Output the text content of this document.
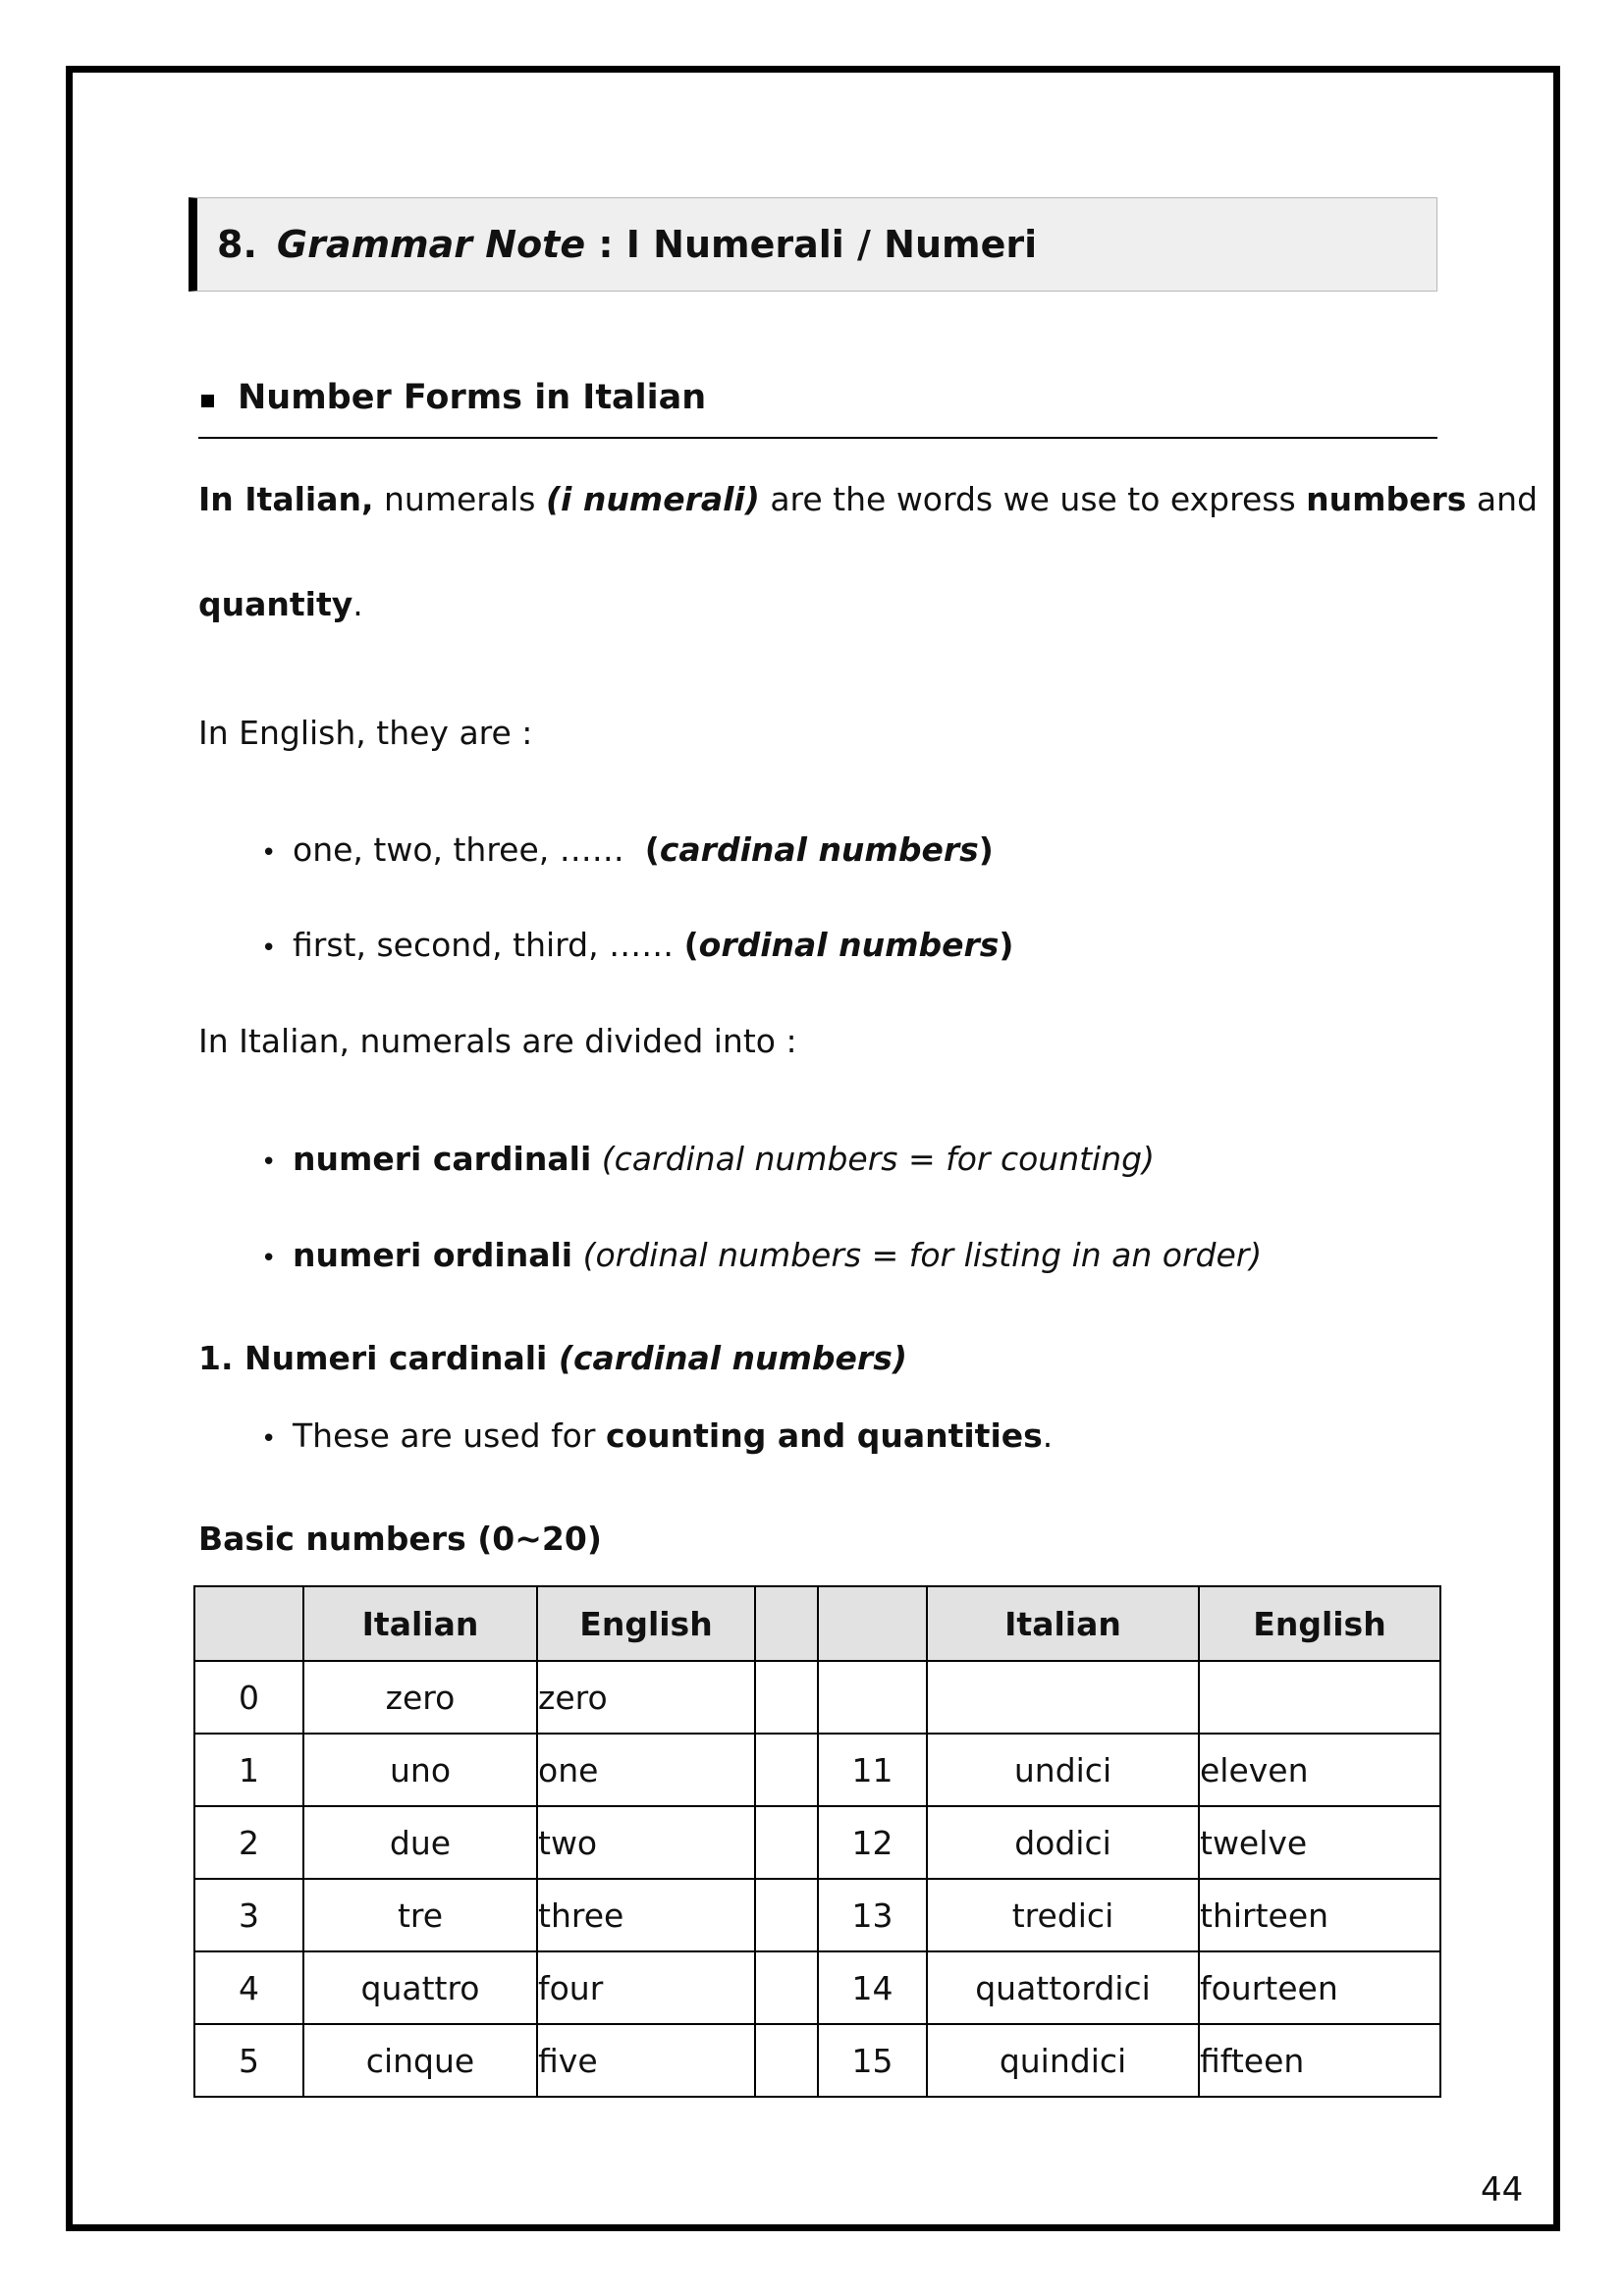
8. Grammar Note : I Numerali / Numeri
Number Forms in Italian
In Italian, numerals (i numerali) are the words we use to express numbers and
quantity.
In English, they are :
• one, two, three, ……  (cardinal numbers)
• first, second, third, …… (ordinal numbers)
In Italian, numerals are divided into :
• numeri cardinali (cardinal numbers = for counting)
• numeri ordinali (ordinal numbers = for listing in an order)
1. Numeri cardinali (cardinal numbers)
• These are used for counting and quantities.
Basic numbers (0~20)
	Italian	English			Italian	English
0	zero	zero				
1	uno	one		11	undici	eleven
2	due	two		12	dodici	twelve
3	tre	three		13	tredici	thirteen
4	quattro	four		14	quattordici	fourteen
5	cinque	five		15	quindici	fifteen
44
